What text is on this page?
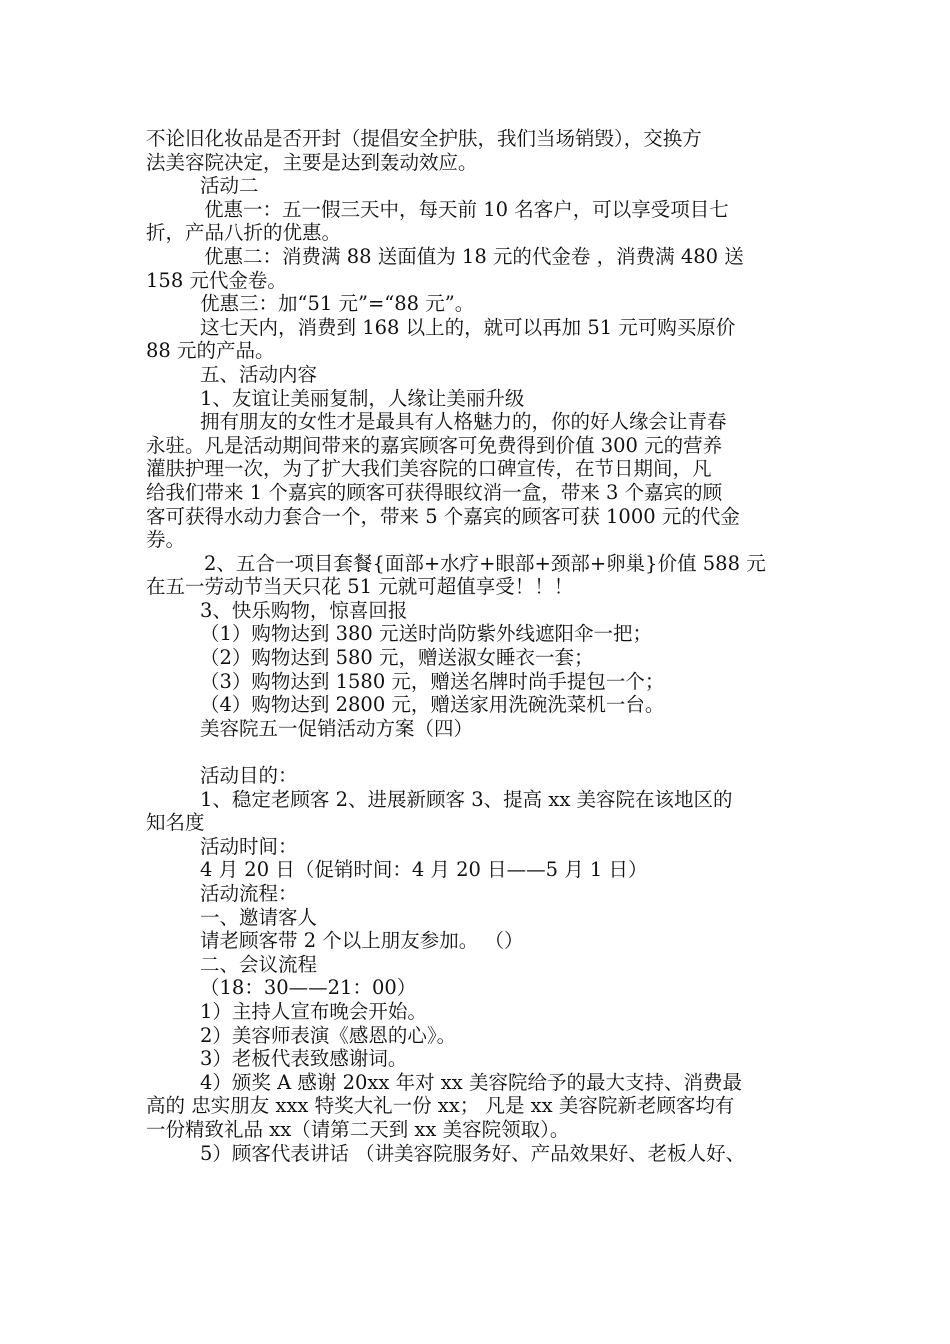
不论旧化妆品是否开封（提倡安全护肤，我们当场销毁），交换方
法美容院决定，主要是达到轰动效应。
活动二
优惠一：五一假三天中，每天前 10 名客户，可以享受项目七
折，产品八折的优惠。
优惠二：消费满 88 送面值为 18 元的代金卷 ，消费满 480 送
158 元代金卷。
优惠三：加“51 元”=“88 元”。
这七天内，消费到 168 以上的，就可以再加 51 元可购买原价
88 元的产品。
五、活动内容
1、友谊让美丽复制，人缘让美丽升级
拥有朋友的女性才是最具有人格魅力的，你的好人缘会让青春
永驻。凡是活动期间带来的嘉宾顾客可免费得到价值 300 元的营养
灌肤护理一次，为了扩大我们美容院的口碑宣传，在节日期间，凡
给我们带来 1 个嘉宾的顾客可获得眼纹消一盒，带来 3 个嘉宾的顾
客可获得水动力套合一个，带来 5 个嘉宾的顾客可获 1000 元的代金
券。
2、五合一项目套餐{面部+水疗+眼部+颈部+卵巢}价值 588 元
在五一劳动节当天只花 51 元就可超值享受！！！
3、快乐购物，惊喜回报
（1）购物达到 380 元送时尚防紫外线遮阳伞一把；
（2）购物达到 580 元，赠送淑女睡衣一套；
（3）购物达到 1580 元，赠送名牌时尚手提包一个；
（4）购物达到 2800 元，赠送家用洗碗洗菜机一台。
美容院五一促销活动方案（四）
活动目的：
1、稳定老顾客 2、进展新顾客 3、提高 xx 美容院在该地区的
知名度
活动时间：
4 月 20 日（促销时间：4 月 20 日——5 月 1 日）
活动流程：
一、邀请客人
请老顾客带 2 个以上朋友参加。 （）
二、会议流程
（18：30——21：00）
1）主持人宣布晚会开始。
2）美容师表演《感恩的心》。
3）老板代表致感谢词。
4）颁奖 A 感谢 20xx 年对 xx 美容院给予的最大支持、消费最
高的 忠实朋友 xxx 特奖大礼一份 xx； 凡是 xx 美容院新老顾客均有
一份精致礼品 xx（请第二天到 xx 美容院领取）。
5）顾客代表讲话 （讲美容院服务好、产品效果好、老板人好、
